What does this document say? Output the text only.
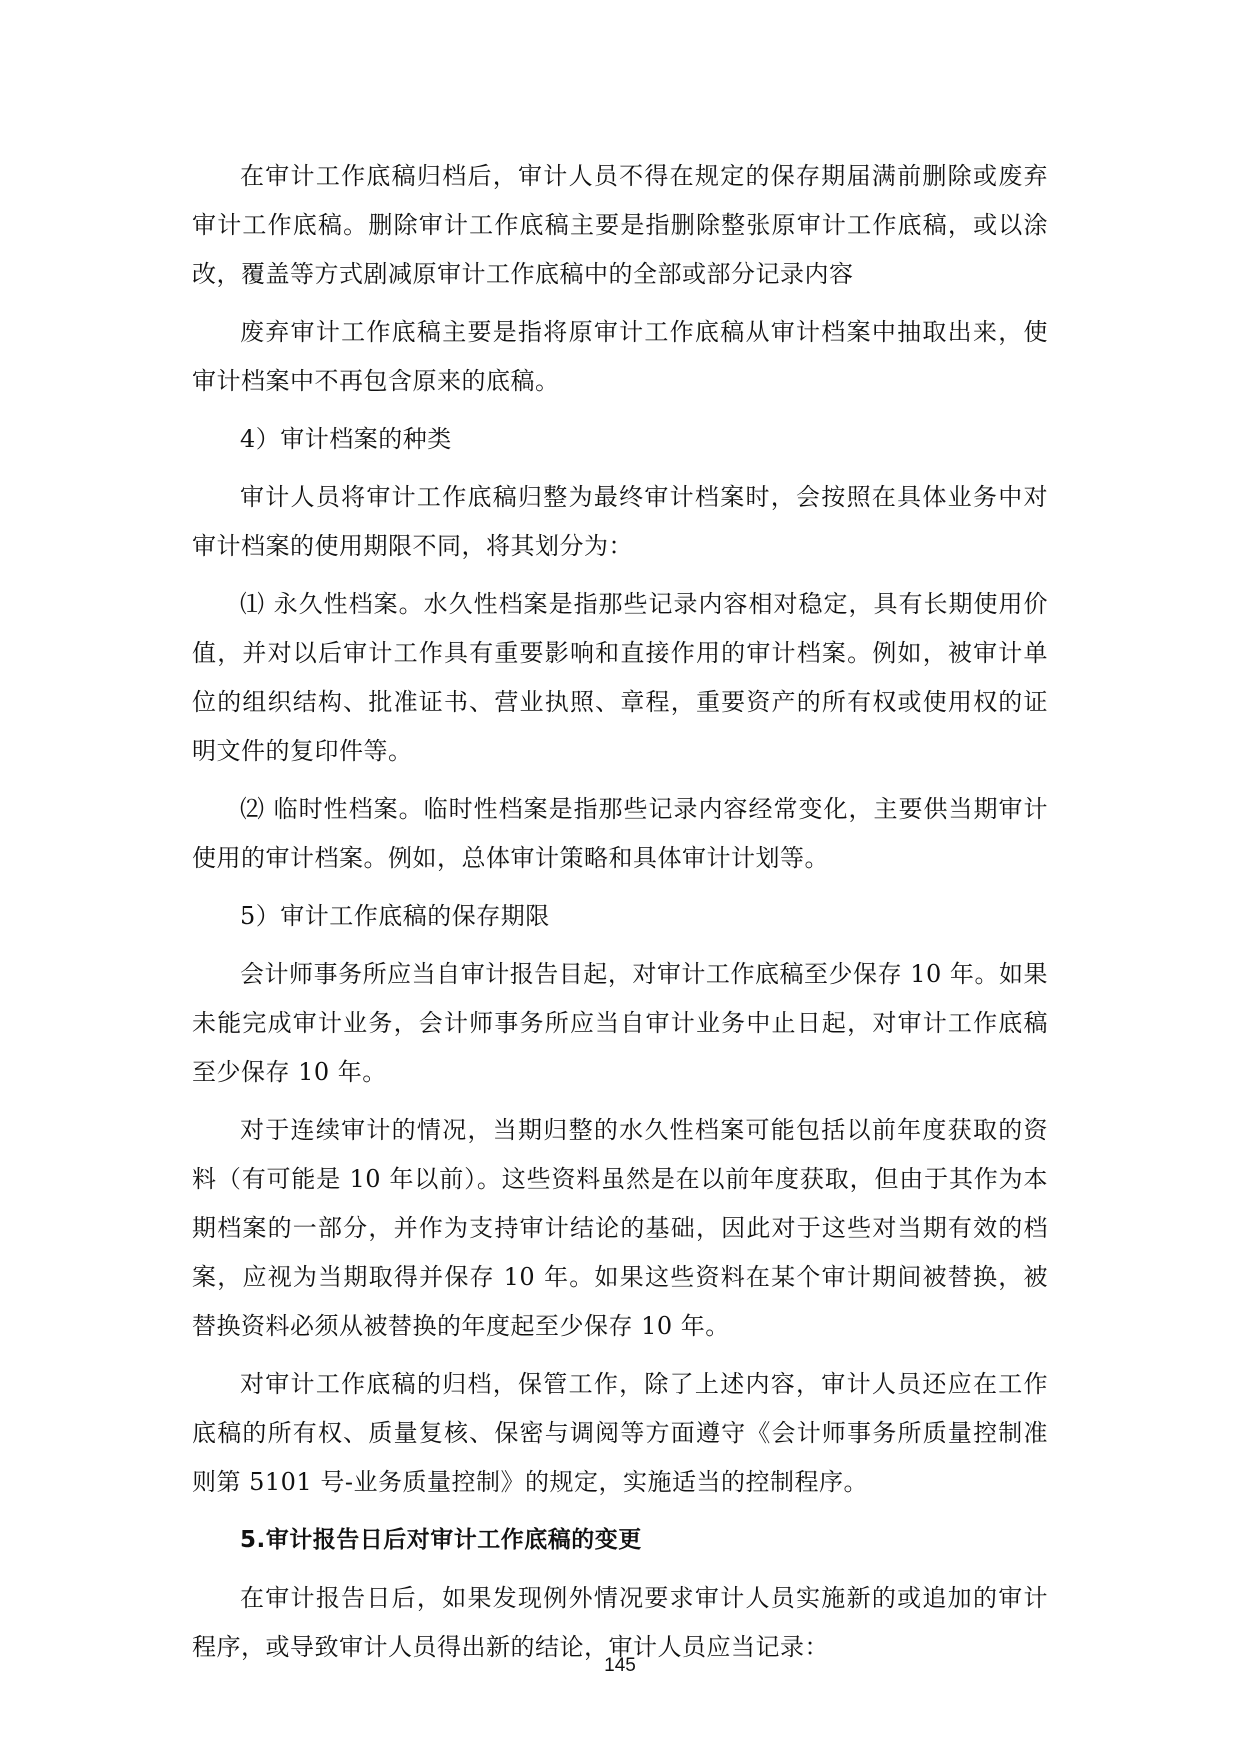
在审计工作底稿归档后，审计人员不得在规定的保存期届满前删除或废弃审计工作底稿。删除审计工作底稿主要是指删除整张原审计工作底稿，或以涂改，覆盖等方式剧减原审计工作底稿中的全部或部分记录内容

废弃审计工作底稿主要是指将原审计工作底稿从审计档案中抽取出来，使审计档案中不再包含原来的底稿。

4）审计档案的种类

审计人员将审计工作底稿归整为最终审计档案时，会按照在具体业务中对审计档案的使用期限不同，将其划分为：

⑴ 永久性档案。水久性档案是指那些记录内容相对稳定，具有长期使用价值，并对以后审计工作具有重要影响和直接作用的审计档案。例如，被审计单位的组织结构、批准证书、营业执照、章程，重要资产的所有权或使用权的证明文件的复印件等。

⑵ 临时性档案。临时性档案是指那些记录内容经常变化，主要供当期审计使用的审计档案。例如，总体审计策略和具体审计计划等。

5）审计工作底稿的保存期限

会计师事务所应当自审计报告目起，对审计工作底稿至少保存 10 年。如果未能完成审计业务，会计师事务所应当自审计业务中止日起，对审计工作底稿至少保存 10 年。

对于连续审计的情况，当期归整的水久性档案可能包括以前年度获取的资料（有可能是 10 年以前）。这些资料虽然是在以前年度获取，但由于其作为本期档案的一部分，并作为支持审计结论的基础，因此对于这些对当期有效的档案，应视为当期取得并保存 10 年。如果这些资料在某个审计期间被替换，被替换资料必须从被替换的年度起至少保存 10 年。

对审计工作底稿的归档，保管工作，除了上述内容，审计人员还应在工作底稿的所有权、质量复核、保密与调阅等方面遵守《会计师事务所质量控制准则第 5101 号-业务质量控制》的规定，实施适当的控制程序。

5.审计报告日后对审计工作底稿的变更

在审计报告日后，如果发现例外情况要求审计人员实施新的或追加的审计程序，或导致审计人员得出新的结论，审计人员应当记录：

145
